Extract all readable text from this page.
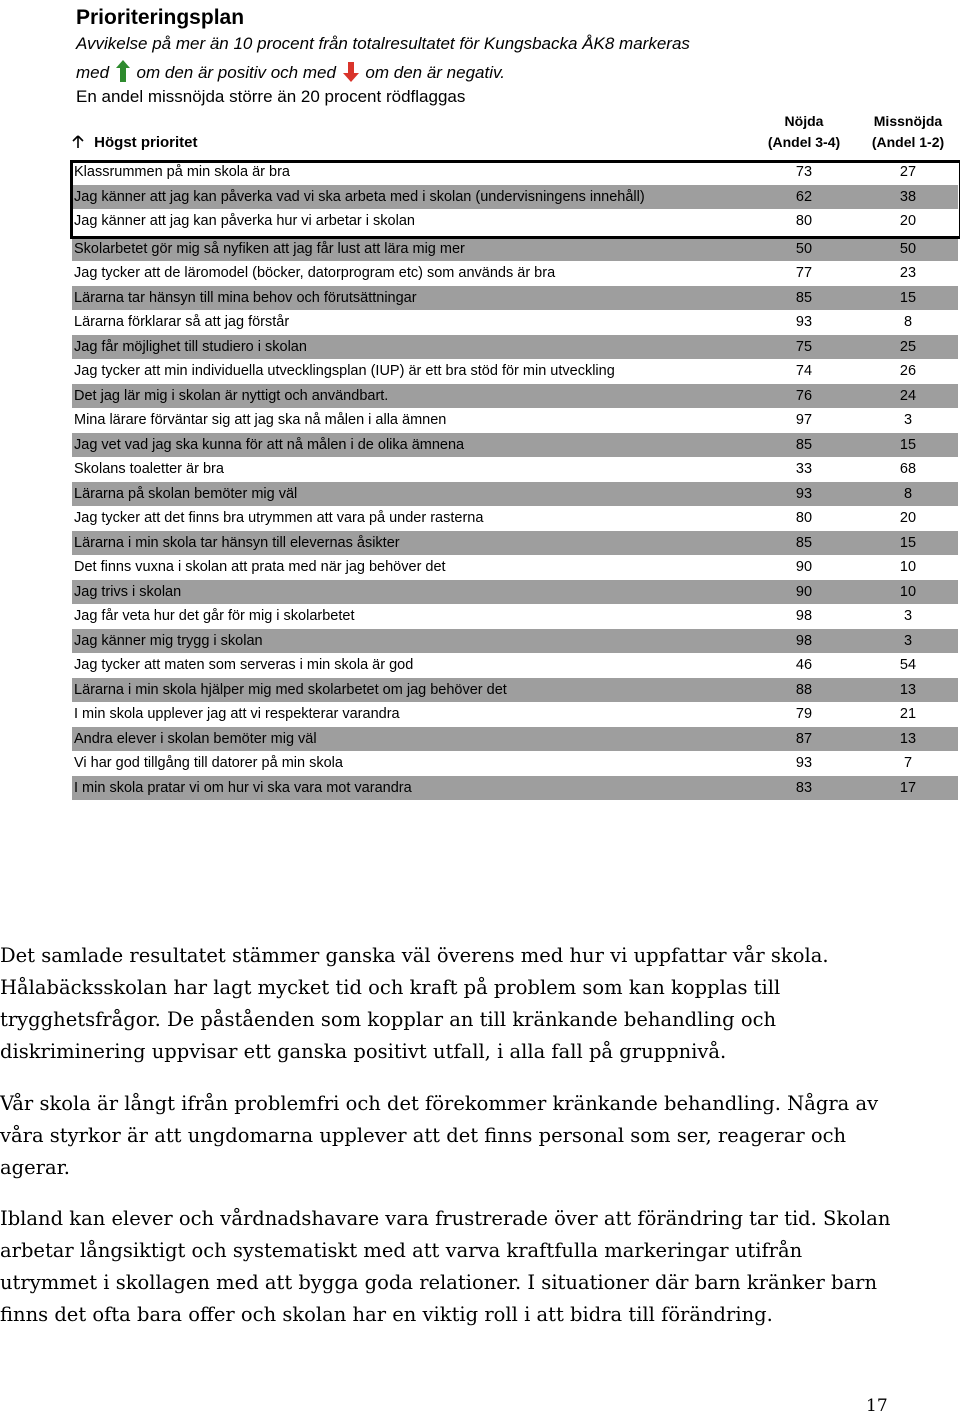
Prioriteringsplan
Avvikelse på mer än 10 procent från totalresultatet för Kungsbacka ÅK8 markeras
med om den är positiv och med om den är negativ.
En andel missnöjda större än 20 procent rödflaggas
Högst prioritet
Nöjda
(Andel 3-4)
Missnöjda
(Andel 1-2)
Klassrummen på min skola är bra	73	27
Jag känner att jag kan påverka vad vi ska arbeta med i skolan (undervisningens innehåll)	62	38
Jag känner att jag kan påverka hur vi arbetar i skolan	80	20
Skolarbetet gör mig så nyfiken att jag får lust att lära mig mer	50	50
Jag tycker att de läromodel (böcker, datorprogram etc) som används är bra	77	23
Lärarna tar hänsyn till mina behov och förutsättningar	85	15
Lärarna förklarar så att jag förstår	93	8
Jag får möjlighet till studiero i skolan	75	25
Jag tycker att min individuella utvecklingsplan (IUP) är ett bra stöd för min utveckling	74	26
Det jag lär mig i skolan är nyttigt och användbart.	76	24
Mina lärare förväntar sig att jag ska nå målen i alla ämnen	97	3
Jag vet vad jag ska kunna för att nå målen i de olika ämnena	85	15
Skolans toaletter är bra	33	68
Lärarna på skolan bemöter mig väl	93	8
Jag tycker att det finns bra utrymmen att vara på under rasterna	80	20
Lärarna i min skola tar hänsyn till elevernas åsikter	85	15
Det finns vuxna i skolan att prata med när jag behöver det	90	10
Jag trivs i skolan	90	10
Jag får veta hur det går för mig i skolarbetet	98	3
Jag känner mig trygg i skolan	98	3
Jag tycker att maten som serveras i min skola är god	46	54
Lärarna i min skola hjälper mig med skolarbetet om jag behöver det	88	13
I min skola upplever jag att vi respekterar varandra	79	21
Andra elever i skolan bemöter mig väl	87	13
Vi har god tillgång till datorer på min skola	93	7
I min skola pratar vi om hur vi ska vara mot varandra	83	17
Det samlade resultatet stämmer ganska väl överens med hur vi uppfattar vår skola. Hålabäcksskolan har lagt mycket tid och kraft på problem som kan kopplas till trygghetsfrågor. De påståenden som kopplar an till kränkande behandling och diskriminering uppvisar ett ganska positivt utfall, i alla fall på gruppnivå.
Vår skola är långt ifrån problemfri och det förekommer kränkande behandling. Några av våra styrkor är att ungdomarna upplever att det finns personal som ser, reagerar och agerar.
Ibland kan elever och vårdnadshavare vara frustrerade över att förändring tar tid. Skolan arbetar långsiktigt och systematiskt med att varva kraftfulla markeringar utifrån utrymmet i skollagen med att bygga goda relationer. I situationer där barn kränker barn finns det ofta bara offer och skolan har en viktig roll i att bidra till förändring.
17
